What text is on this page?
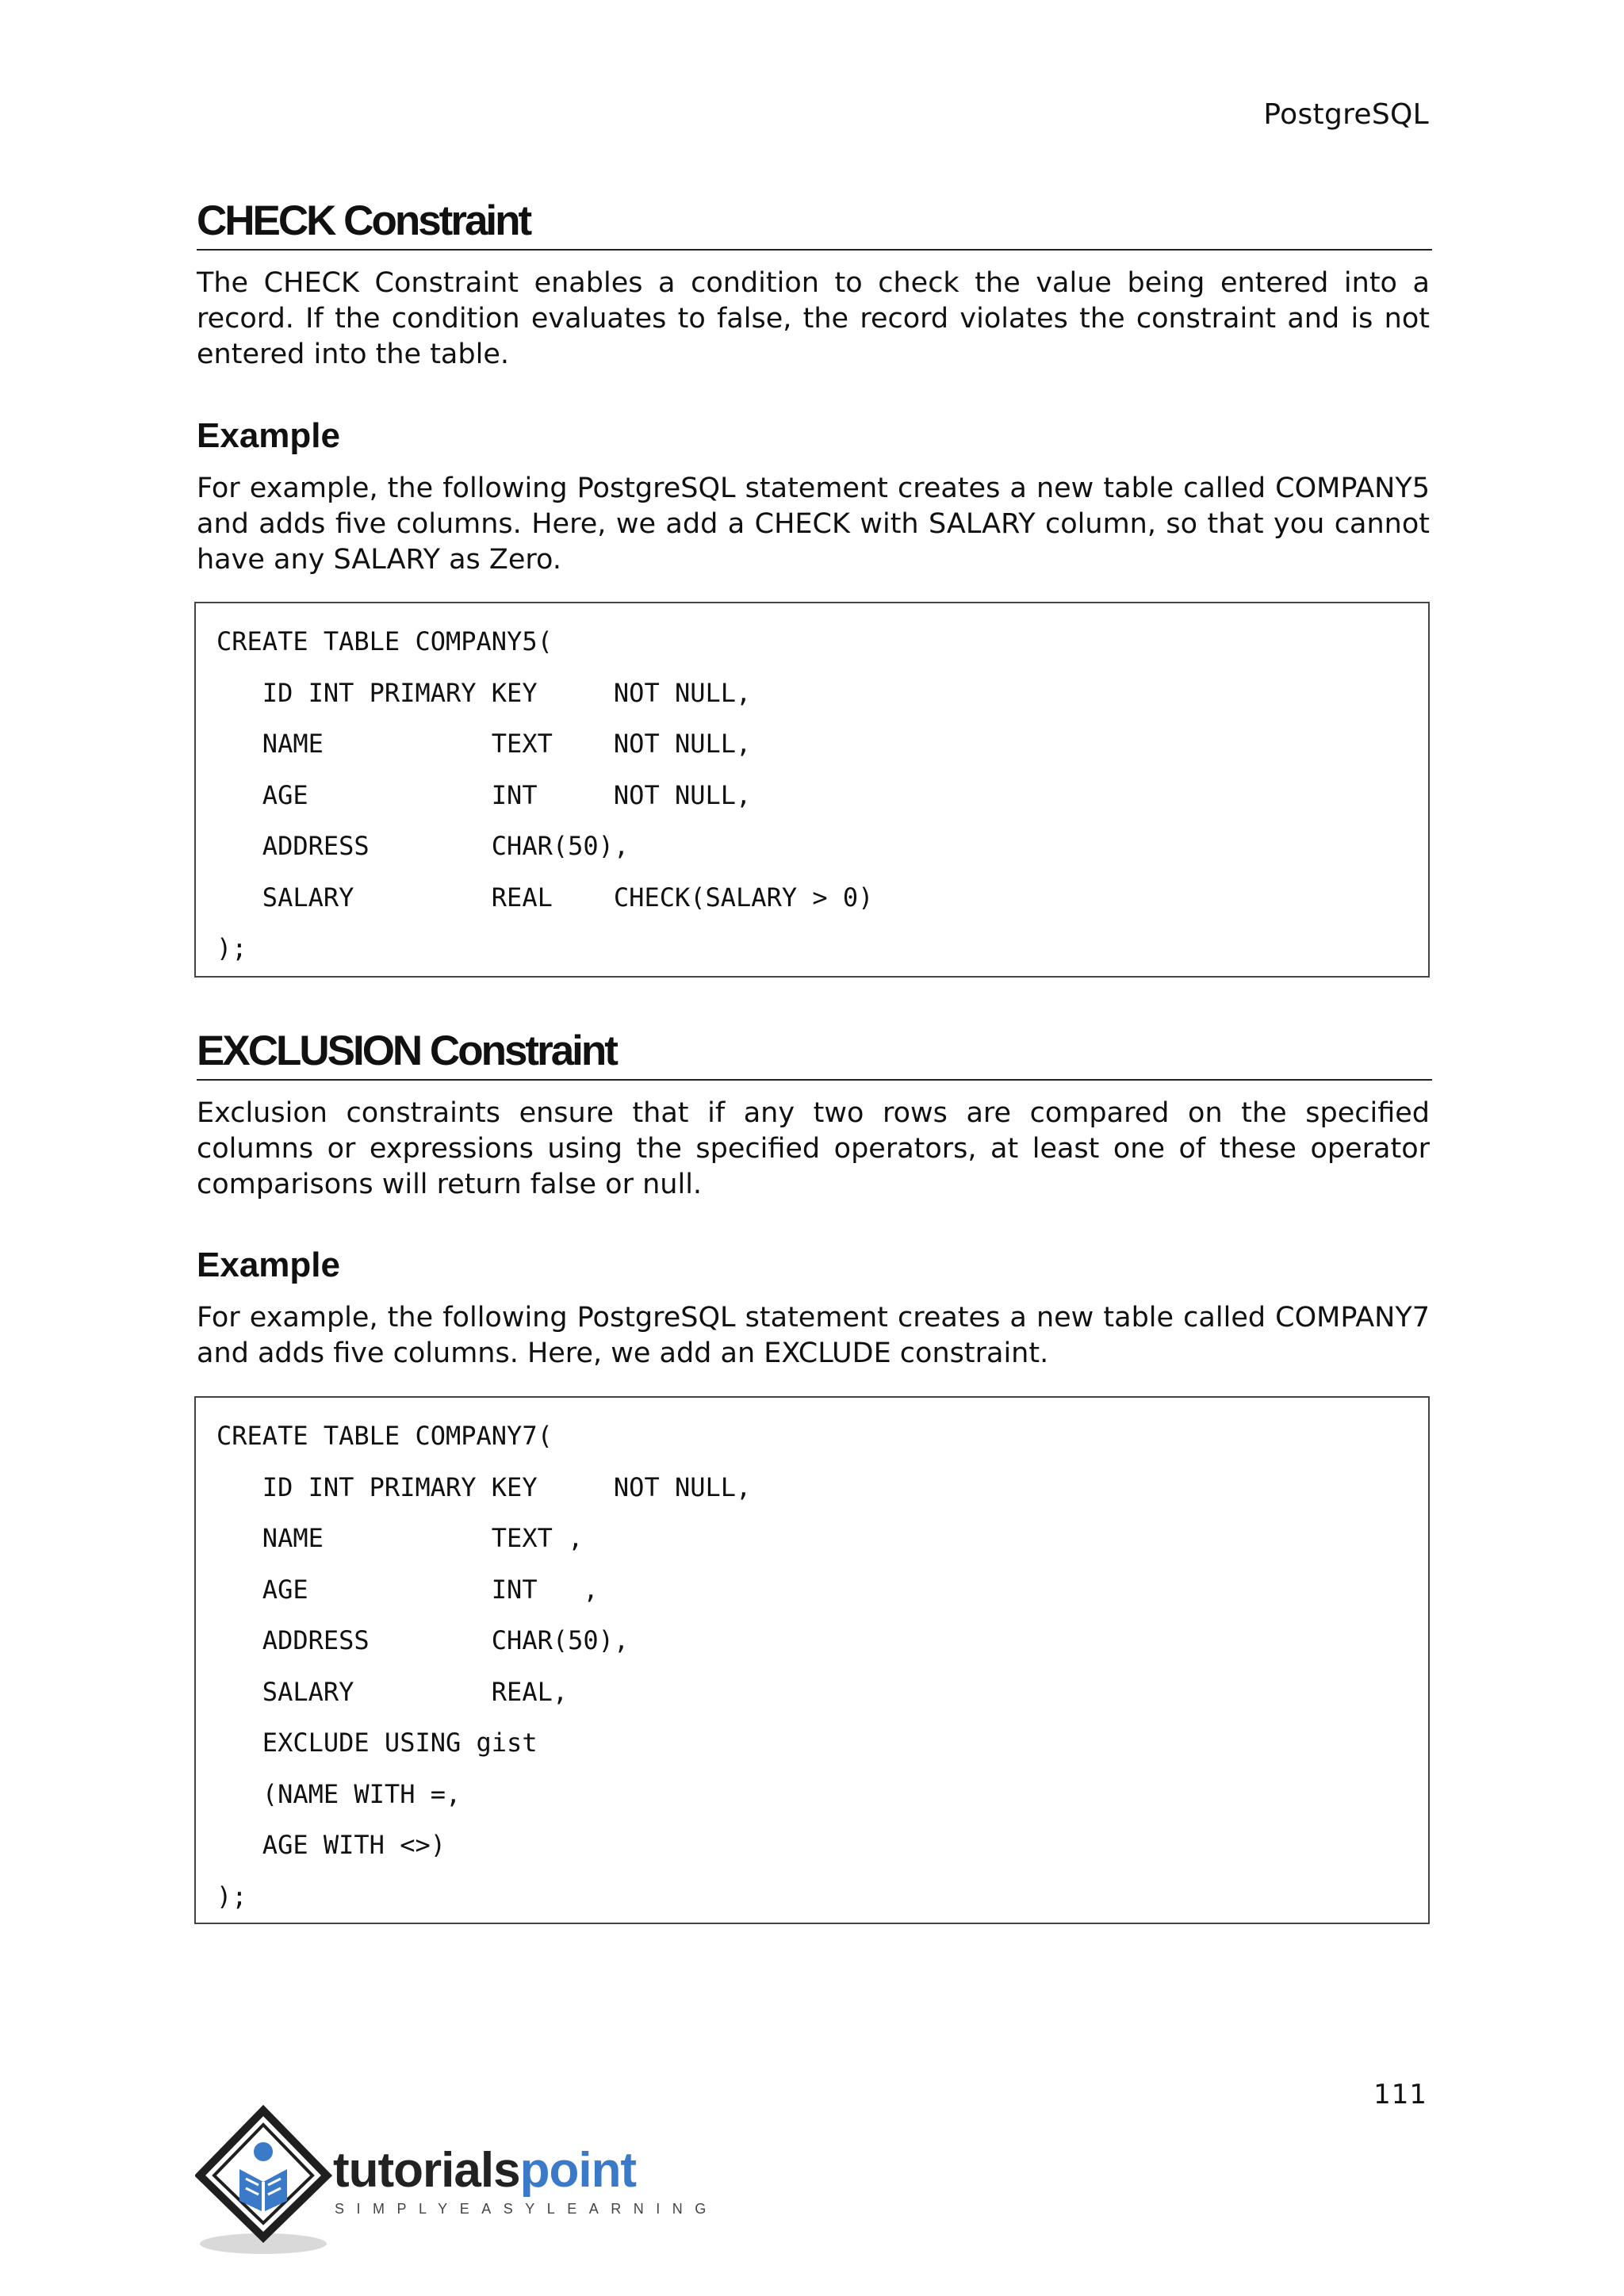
PostgreSQL
CHECK Constraint
The CHECK Constraint enables a condition to check the value being entered into a record. If the condition evaluates to false, the record violates the constraint and is not entered into the table.
Example
For example, the following PostgreSQL statement creates a new table called COMPANY5 and adds five columns. Here, we add a CHECK with SALARY column, so that you cannot have any SALARY as Zero.
CREATE TABLE COMPANY5(
ID INT PRIMARY KEY     NOT NULL,
NAME           TEXT    NOT NULL,
AGE            INT     NOT NULL,
ADDRESS        CHAR(50),
SALARY         REAL    CHECK(SALARY > 0)
);
EXCLUSION Constraint
Exclusion constraints ensure that if any two rows are compared on the specified columns or expressions using the specified operators, at least one of these operator comparisons will return false or null.
Example
For example, the following PostgreSQL statement creates a new table called COMPANY7 and adds five columns. Here, we add an EXCLUDE constraint.
CREATE TABLE COMPANY7(
ID INT PRIMARY KEY     NOT NULL,
NAME           TEXT ,
AGE            INT   ,
ADDRESS        CHAR(50),
SALARY         REAL,
EXCLUDE USING gist
(NAME WITH =,
AGE WITH <>)
);
111
tutorialspoint
SIMPLYEASYLEARNING
